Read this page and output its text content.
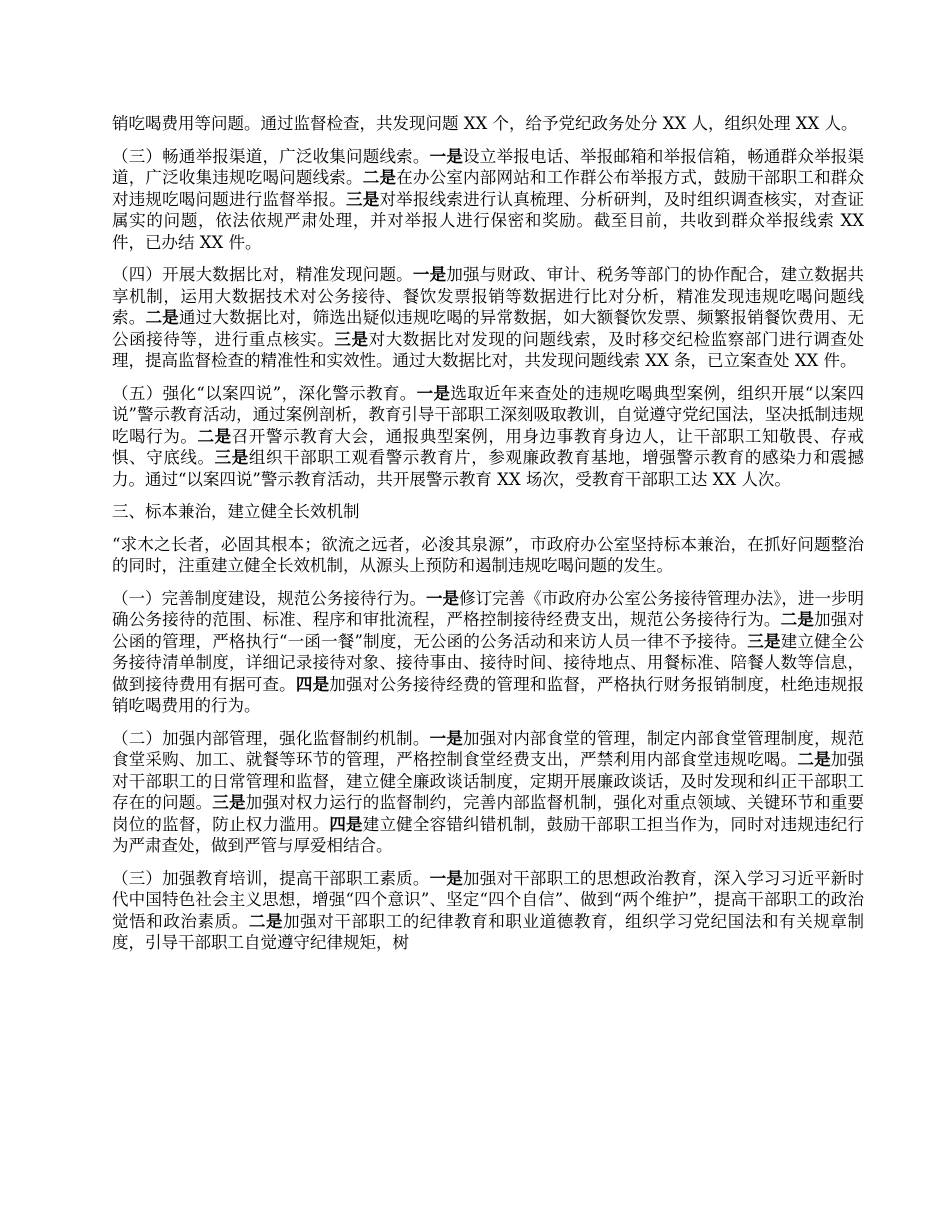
销吃喝费用等问题。通过监督检查，共发现问题 XX 个，给予党纪政务处分 XX 人，组织处理 XX 人。

（三）畅通举报渠道，广泛收集问题线索。一是设立举报电话、举报邮箱和举报信箱，畅通群众举报渠道，广泛收集违规吃喝问题线索。二是在办公室内部网站和工作群公布举报方式，鼓励干部职工和群众对违规吃喝问题进行监督举报。三是对举报线索进行认真梳理、分析研判，及时组织调查核实，对查证属实的问题，依法依规严肃处理，并对举报人进行保密和奖励。截至目前，共收到群众举报线索 XX 件，已办结 XX 件。

（四）开展大数据比对，精准发现问题。一是加强与财政、审计、税务等部门的协作配合，建立数据共享机制，运用大数据技术对公务接待、餐饮发票报销等数据进行比对分析，精准发现违规吃喝问题线索。二是通过大数据比对，筛选出疑似违规吃喝的异常数据，如大额餐饮发票、频繁报销餐饮费用、无公函接待等，进行重点核实。三是对大数据比对发现的问题线索，及时移交纪检监察部门进行调查处理，提高监督检查的精准性和实效性。通过大数据比对，共发现问题线索 XX 条，已立案查处 XX 件。

（五）强化“以案四说”，深化警示教育。一是选取近年来查处的违规吃喝典型案例，组织开展“以案四说”警示教育活动，通过案例剖析，教育引导干部职工深刻吸取教训，自觉遵守党纪国法，坚决抵制违规吃喝行为。二是召开警示教育大会，通报典型案例，用身边事教育身边人，让干部职工知敬畏、存戒惧、守底线。三是组织干部职工观看警示教育片，参观廉政教育基地，增强警示教育的感染力和震撼力。通过“以案四说”警示教育活动，共开展警示教育 XX 场次，受教育干部职工达 XX 人次。

三、标本兼治，建立健全长效机制

“求木之长者，必固其根本；欲流之远者，必浚其泉源”，市政府办公室坚持标本兼治，在抓好问题整治的同时，注重建立健全长效机制，从源头上预防和遏制违规吃喝问题的发生。

（一）完善制度建设，规范公务接待行为。一是修订完善《市政府办公室公务接待管理办法》，进一步明确公务接待的范围、标准、程序和审批流程，严格控制接待经费支出，规范公务接待行为。二是加强对公函的管理，严格执行“一函一餐”制度，无公函的公务活动和来访人员一律不予接待。三是建立健全公务接待清单制度，详细记录接待对象、接待事由、接待时间、接待地点、用餐标准、陪餐人数等信息，做到接待费用有据可查。四是加强对公务接待经费的管理和监督，严格执行财务报销制度，杜绝违规报销吃喝费用的行为。

（二）加强内部管理，强化监督制约机制。一是加强对内部食堂的管理，制定内部食堂管理制度，规范食堂采购、加工、就餐等环节的管理，严格控制食堂经费支出，严禁利用内部食堂违规吃喝。二是加强对干部职工的日常管理和监督，建立健全廉政谈话制度，定期开展廉政谈话，及时发现和纠正干部职工存在的问题。三是加强对权力运行的监督制约，完善内部监督机制，强化对重点领域、关键环节和重要岗位的监督，防止权力滥用。四是建立健全容错纠错机制，鼓励干部职工担当作为，同时对违规违纪行为严肃查处，做到严管与厚爱相结合。

（三）加强教育培训，提高干部职工素质。一是加强对干部职工的思想政治教育，深入学习习近平新时代中国特色社会主义思想，增强“四个意识”、坚定“四个自信”、做到“两个维护”，提高干部职工的政治觉悟和政治素质。二是加强对干部职工的纪律教育和职业道德教育，组织学习党纪国法和有关规章制度，引导干部职工自觉遵守纪律规矩，树
